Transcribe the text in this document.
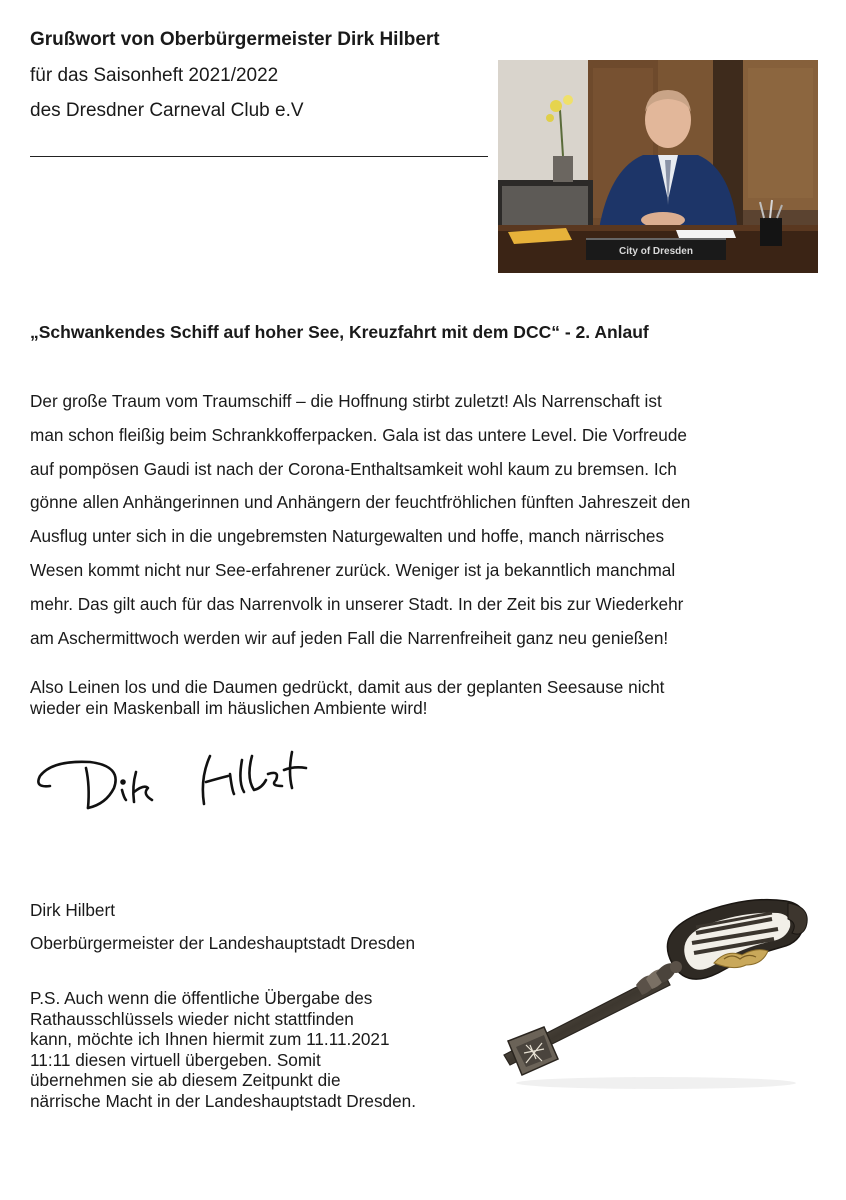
Grußwort von Oberbürgermeister Dirk Hilbert
für das Saisonheft 2021/2022
des Dresdner Carneval Club e.V
City of Dresden
„Schwankendes Schiff auf hoher See, Kreuzfahrt mit dem DCC“ - 2. Anlauf

Der große Traum vom Traumschiff – die Hoffnung stirbt zuletzt! Als Narrenschaft ist

man schon fleißig beim Schrankkofferpacken. Gala ist das untere Level. Die Vorfreude

auf pompösen Gaudi ist nach der Corona-Enthaltsamkeit wohl kaum zu bremsen. Ich

gönne allen Anhängerinnen und Anhängern der feuchtfröhlichen fünften Jahreszeit den

Ausflug unter sich in die ungebremsten Naturgewalten und hoffe, manch närrisches

Wesen kommt nicht nur See-erfahrener zurück. Weniger ist ja bekanntlich manchmal

mehr. Das gilt auch für das Narrenvolk in unserer Stadt. In der Zeit bis zur Wiederkehr

am Aschermittwoch werden wir auf jeden Fall die Narrenfreiheit ganz neu genießen!

Also Leinen los und die Daumen gedrückt, damit aus der geplanten Seesause nicht

wieder ein Maskenball im häuslichen Ambiente wird!

Dirk Hilbert
Oberbürgermeister der Landeshauptstadt Dresden

P.S. Auch wenn die öffentliche Übergabe des

Rathausschlüssels wieder nicht stattfinden

kann, möchte ich Ihnen hiermit zum 11.11.2021

11:11 diesen virtuell übergeben. Somit

übernehmen sie ab diesem Zeitpunkt die

närrische Macht in der Landeshauptstadt Dresden.
